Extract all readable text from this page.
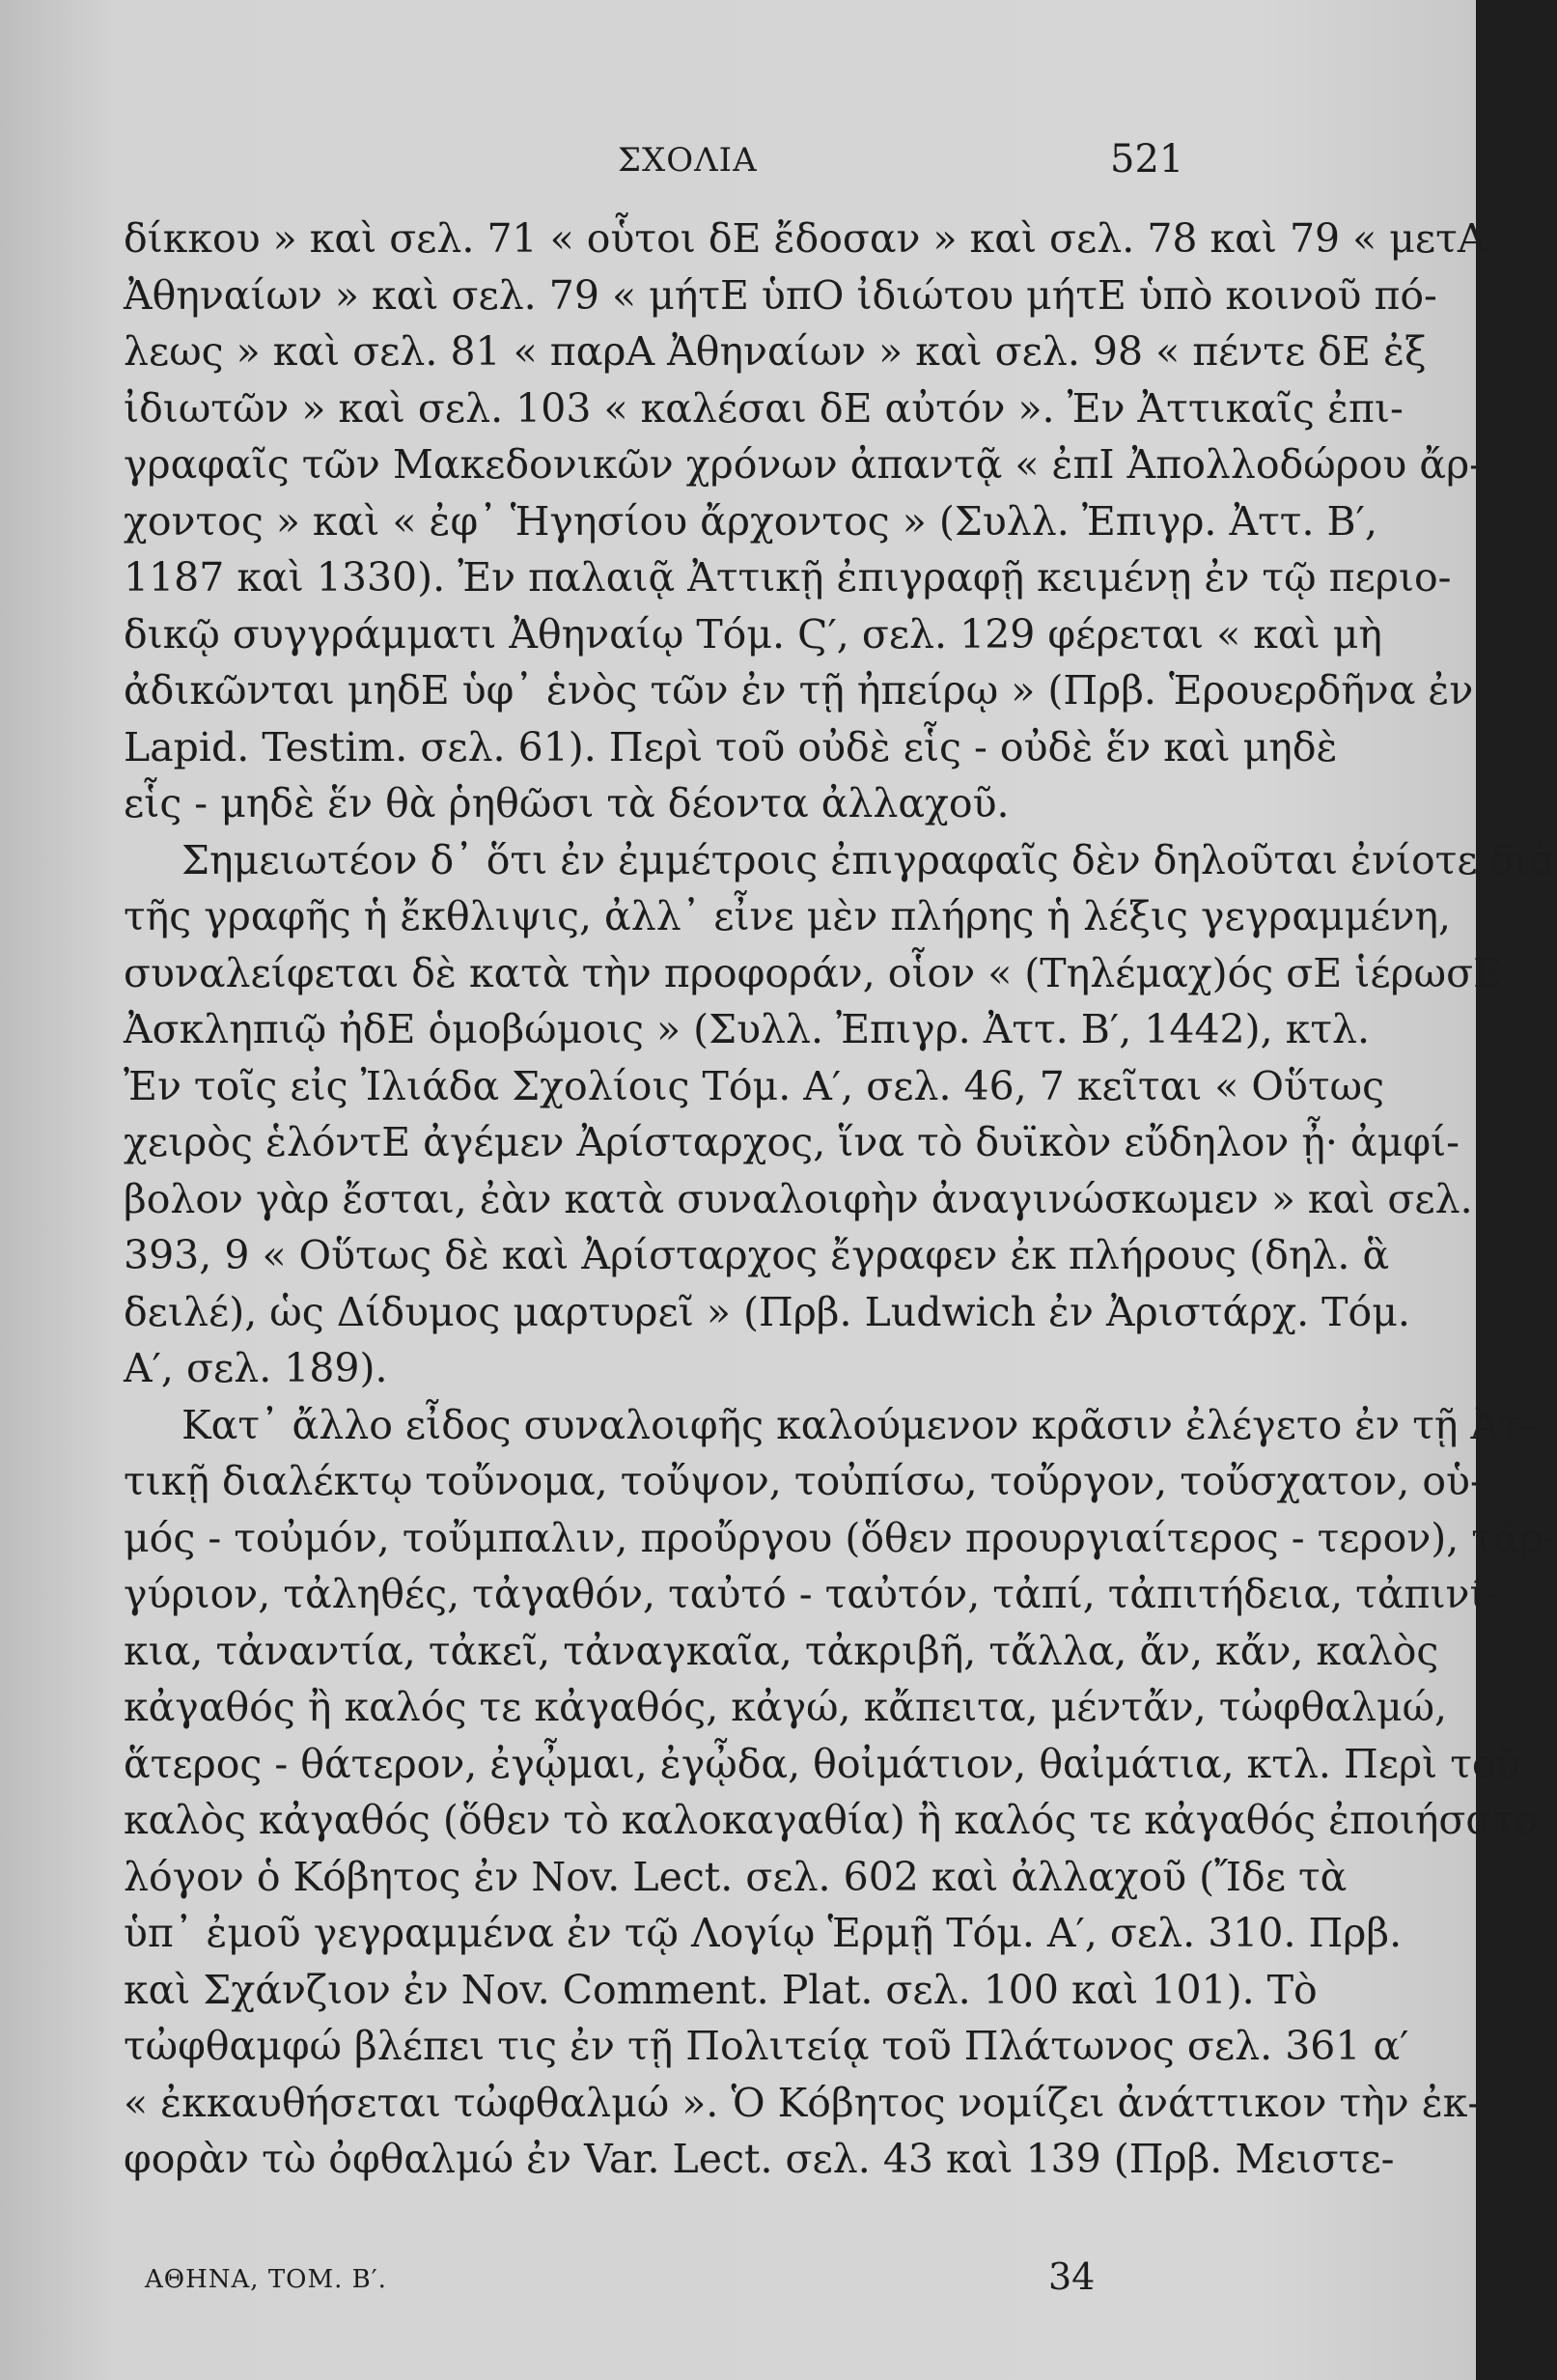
ΣΧΟΛΙΑ	521
δίκκου » καὶ σελ. 71 « οὗτοι δΕ ἔδοσαν » καὶ σελ. 78 καὶ 79 « μετΑ
Ἀθηναίων » καὶ σελ. 79 « μήτΕ ὑπΟ ἰδιώτου μήτΕ ὑπὸ κοινοῦ πό-
λεως » καὶ σελ. 81 « παρΑ Ἀθηναίων » καὶ σελ. 98 « πέντε δΕ ἐξ
ἰδιωτῶν » καὶ σελ. 103 « καλέσαι δΕ αὐτόν ». Ἐν Ἀττικαῖς ἐπι-
γραφαῖς τῶν Μακεδονικῶν χρόνων ἀπαντᾷ « ἐπΙ Ἀπολλοδώρου ἄρ-
χοντος » καὶ « ἐφ᾽ Ἡγησίου ἄρχοντος » (Συλλ. Ἐπιγρ. Ἀττ. Β′,
1187 καὶ 1330). Ἐν παλαιᾷ Ἀττικῇ ἐπιγραφῇ κειμένῃ ἐν τῷ περιο-
δικῷ συγγράμματι Ἀθηναίῳ Τόμ. Ϛ′, σελ. 129 φέρεται « καὶ μὴ
ἀδικῶνται μηδΕ ὑφ᾽ ἑνὸς τῶν ἐν τῇ ἠπείρῳ » (Πρβ. Ἑρουερδῆνα ἐν
Lapid. Testim. σελ. 61). Περὶ τοῦ οὐδὲ εἷς - οὐδὲ ἕν καὶ μηδὲ
εἷς - μηδὲ ἕν θὰ ῥηθῶσι τὰ δέοντα ἀλλαχοῦ.
Σημειωτέον δ᾽ ὅτι ἐν ἐμμέτροις ἐπιγραφαῖς δὲν δηλοῦται ἐνίοτε διὰ
τῆς γραφῆς ἡ ἔκθλιψις, ἀλλ᾽ εἶνε μὲν πλήρης ἡ λέξις γεγραμμένη,
συναλείφεται δὲ κατὰ τὴν προφοράν, οἷον « (Τηλέμαχ)ός σΕ ἱέρωσΕ
Ἀσκληπιῷ ἠδΕ ὁμοβώμοις » (Συλλ. Ἐπιγρ. Ἀττ. Β′, 1442), κτλ.
Ἐν τοῖς εἰς Ἰλιάδα Σχολίοις Τόμ. Α′, σελ. 46, 7 κεῖται « Οὕτως
χειρὸς ἑλόντΕ ἀγέμεν Ἀρίσταρχος, ἵνα τὸ δυϊκὸν εὔδηλον ᾖ· ἀμφί-
βολον γὰρ ἔσται, ἐὰν κατὰ συναλοιφὴν ἀναγινώσκωμεν » καὶ σελ.
393, 9 « Οὕτως δὲ καὶ Ἀρίσταρχος ἔγραφεν ἐκ πλήρους (δηλ. ἃ
δειλέ), ὡς Δίδυμος μαρτυρεῖ » (Πρβ. Ludwich ἐν Ἀριστάρχ. Τόμ.
Α′, σελ. 189).
Κατ᾽ ἄλλο εἶδος συναλοιφῆς καλούμενον κρᾶσιν ἐλέγετο ἐν τῇ Ἀτ-
τικῇ διαλέκτῳ τοὔνομα, τοὔψον, τοὐπίσω, τοὔργον, τοὔσχατον, οὑ-
μός - τοὐμόν, τοὔμπαλιν, προὔργου (ὅθεν προυργιαίτερος - τερον), τάρ-
γύριον, τἀληθές, τἀγαθόν, ταὐτό - ταὐτόν, τἀπί, τἀπιτήδεια, τἀπινί-
κια, τἀναντία, τἀκεῖ, τἀναγκαῖα, τἀκριβῆ, τἄλλα, ἄν, κἄν, καλὸς
κἀγαθός ἢ καλός τε κἀγαθός, κἀγώ, κἄπειτα, μέντἄν, τὠφθαλμώ,
ἅτερος - θάτερον, ἐγᾦμαι, ἐγᾦδα, θοἰμάτιον, θαἰμάτια, κτλ. Περὶ τοῦ
καλὸς κἀγαθός (ὅθεν τὸ καλοκαγαθία) ἢ καλός τε κἀγαθός ἐποιήσατο
λόγον ὁ Κόβητος ἐν Nov. Lect. σελ. 602 καὶ ἀλλαχοῦ (Ἴδε τὰ
ὑπ᾽ ἐμοῦ γεγραμμένα ἐν τῷ Λογίῳ Ἑρμῇ Τόμ. Α′, σελ. 310. Πρβ.
καὶ Σχάνζιον ἐν Nov. Comment. Plat. σελ. 100 καὶ 101). Τὸ
τὠφθαμφώ βλέπει τις ἐν τῇ Πολιτείᾳ τοῦ Πλάτωνος σελ. 361 α′
« ἐκκαυθήσεται τὠφθαλμώ ». Ὁ Κόβητος νομίζει ἀνάττικον τὴν ἐκ-
φορὰν τὼ ὀφθαλμώ ἐν Var. Lect. σελ. 43 καὶ 139 (Πρβ. Μειστε-
ΑΘΗΝΑ, ΤΟΜ. Β′.	34
